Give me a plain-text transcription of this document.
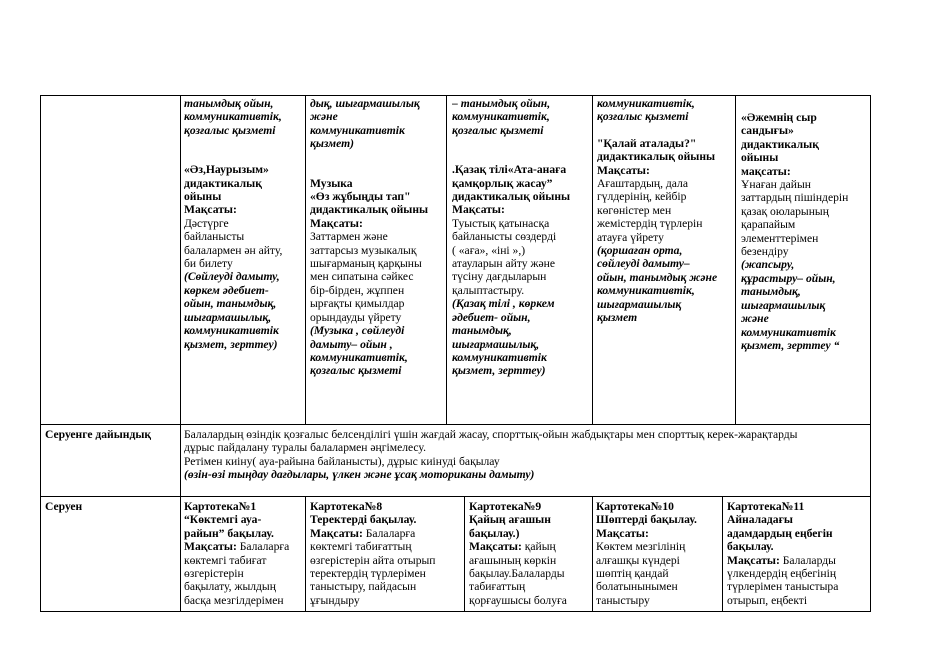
танымдық ойын,

коммуникативтік,

қозғалыс қызметі

«Әз,Наурызым»

дидактикалық

ойыны

Мақсаты:

Дәстүрге

байланысты

балалармен ән айту,

би билету

(Сөйлеуді дамыту,

көркем әдебиет-

ойын, танымдық,

шығармашылық,

коммуникативтік

қызмет, зерттеу)

дық, шығармашылық

және

коммуникативтік

қызмет)

Музыка

«Өз жұбыңды тап"

дидактикалық ойыны

Мақсаты:

Заттармен және

заттарсыз музыкалық

шығарманың қарқыны

мен сипатына сәйкес

бір-бірден, жұппен

ырғақты қимылдар

орындауды үйрету

(Музыка , сөйлеуді

дамыту– ойын ,

коммуникативтік,

қозғалыс қызметі

– танымдық ойын,

коммуникативтік,

қозғалыс қызметі

.Қазақ тілі«Ата-анаға

қамқорлық жасау”

дидактикалық ойыны

Мақсаты:

Туыстық қатынасқа

байланысты сөздерді

( «аға», «іні »,)

атауларын айту және

түсіну дағдыларын

қалыптастыру.

(Қазақ тілі , көркем

әдебиет- ойын,

танымдық,

шығармашылық,

коммуникативтік

қызмет, зерттеу)

коммуникативтік,

қозғалыс қызметі

"Қалай аталады?"

дидактикалық ойыны

Мақсаты:

Ағаштардың, дала

гүлдерінің, кейбір

көгөністер мен

жемістердің түрлерін

атауға үйрету

(қоршаған орта,

сөйлеуді дамыту–

ойын, танымдық және

коммуникативтік,

шығармашылық

қызмет

«Әжемнің сыр

сандығы»

дидактикалық

ойыны

мақсаты:

Ұнаған дайын

заттардың пішіндерін

қазақ оюларының

қарапайым

элементтерімен

безендіру

(жапсыру,

құрастыру– ойын,

танымдық,

шығармашылық

және

коммуникативтік

қызмет, зерттеу “

Серуенге дайындық	Балалардың өзіндік қозғалыс белсенділігі үшін жағдай жасау, спорттық-ойын жабдықтары мен спорттық керек-жарақтарды

дұрыс пайдалану туралы балалармен әңгімелесу.

Ретімен киіну( ауа-райына байланысты), дұрыс киінуді бақылау

(өзін-өзі тыңдау дағдылары, үлкен және ұсақ моториканы дамыту)

Серуен	Картотека№1

“Көктемгі ауа-

райын” бақылау.

Мақсаты: Балаларға

көктемгі табиғат

өзгерістерін

бақылату, жылдың

басқа мезгілдерімен

Картотека№8

Теректерді бақылау.

Мақсаты: Балаларға

көктемгі табиғаттың

өзгерістерін айта отырып

теректердің түрлерімен

таныстыру, пайдасын

ұғындыру

Картотека№9

Қайың ағашын

бақылау.)

Мақсаты: қайың

ағашының көркін

бақылау.Балаларды

табиғаттың

қорғаушысы болуға

Картотека№10

Шөптерді бақылау.

Мақсаты:

Көктем мезгілінің

алғашқы күндері

шөптің қандай

болатынынымен

таныстыру

Картотека№11

Айналадағы

адамдардың еңбегін

бақылау.

Мақсаты: Балаларды

үлкендердің еңбегінің

түрлерімен таныстыра

отырып, еңбекті
